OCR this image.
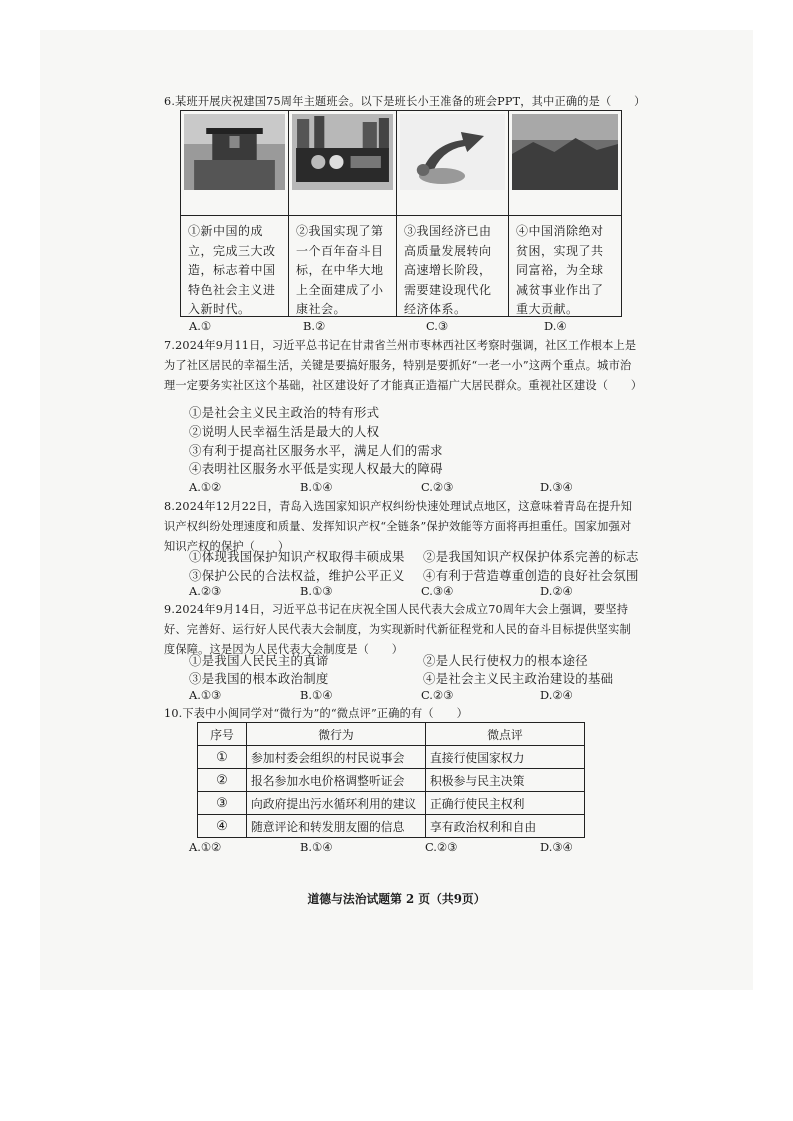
6.某班开展庆祝建国75周年主题班会。以下是班长小王准备的班会PPT，其中正确的是（　　）
①新中国的成立，完成三大改造，标志着中国特色社会主义进入新时代。
②我国实现了第一个百年奋斗目标，在中华大地上全面建成了小康社会。
③我国经济已由高质量发展转向高速增长阶段，需要建设现代化经济体系。
④中国消除绝对贫困，实现了共同富裕，为全球减贫事业作出了重大贡献。
A.①	B.②	C.③	D.④
7.2024年9月11日，习近平总书记在甘肃省兰州市枣林西社区考察时强调，社区工作根本上是为了社区居民的幸福生活，关键是要搞好服务，特别是要抓好“一老一小”这两个重点。城市治理一定要务实社区这个基础，社区建设好了才能真正造福广大居民群众。重视社区建设（　　）
①是社会主义民主政治的特有形式
②说明人民幸福生活是最大的人权
③有利于提高社区服务水平，满足人们的需求
④表明社区服务水平低是实现人权最大的障碍
A.①②	B.①④	C.②③	D.③④
8.2024年12月22日，青岛入选国家知识产权纠纷快速处理试点地区，这意味着青岛在提升知识产权纠纷处理速度和质量、发挥知识产权“全链条”保护效能等方面将再担重任。国家加强对知识产权的保护（　　）
①体现我国保护知识产权取得丰硕成果 ②是我国知识产权保护体系完善的标志
③保护公民的合法权益，维护公平正义 ④有利于营造尊重创造的良好社会氛围
A.②③	B.①③	C.③④	D.②④
9.2024年9月14日，习近平总书记在庆祝全国人民代表大会成立70周年大会上强调，要坚持好、完善好、运行好人民代表大会制度，为实现新时代新征程党和人民的奋斗目标提供坚实制度保障。这是因为人民代表大会制度是（　　）
①是我国人民民主的真谛	②是人民行使权力的根本途径
③是我国的根本政治制度	④是社会主义民主政治建设的基础
A.①③	B.①④	C.②③	D.②④
10.下表中小闽同学对“微行为”的“微点评”正确的有（　　）
序号	微行为	微点评
①	参加村委会组织的村民说事会	直接行使国家权力
②	报名参加水电价格调整听证会	积极参与民主决策
③	向政府提出污水循环利用的建议	正确行使民主权利
④	随意评论和转发朋友圈的信息	享有政治权利和自由
A.①②	B.①④	C.②③	D.③④
道德与法治试题第 2 页（共9页）
